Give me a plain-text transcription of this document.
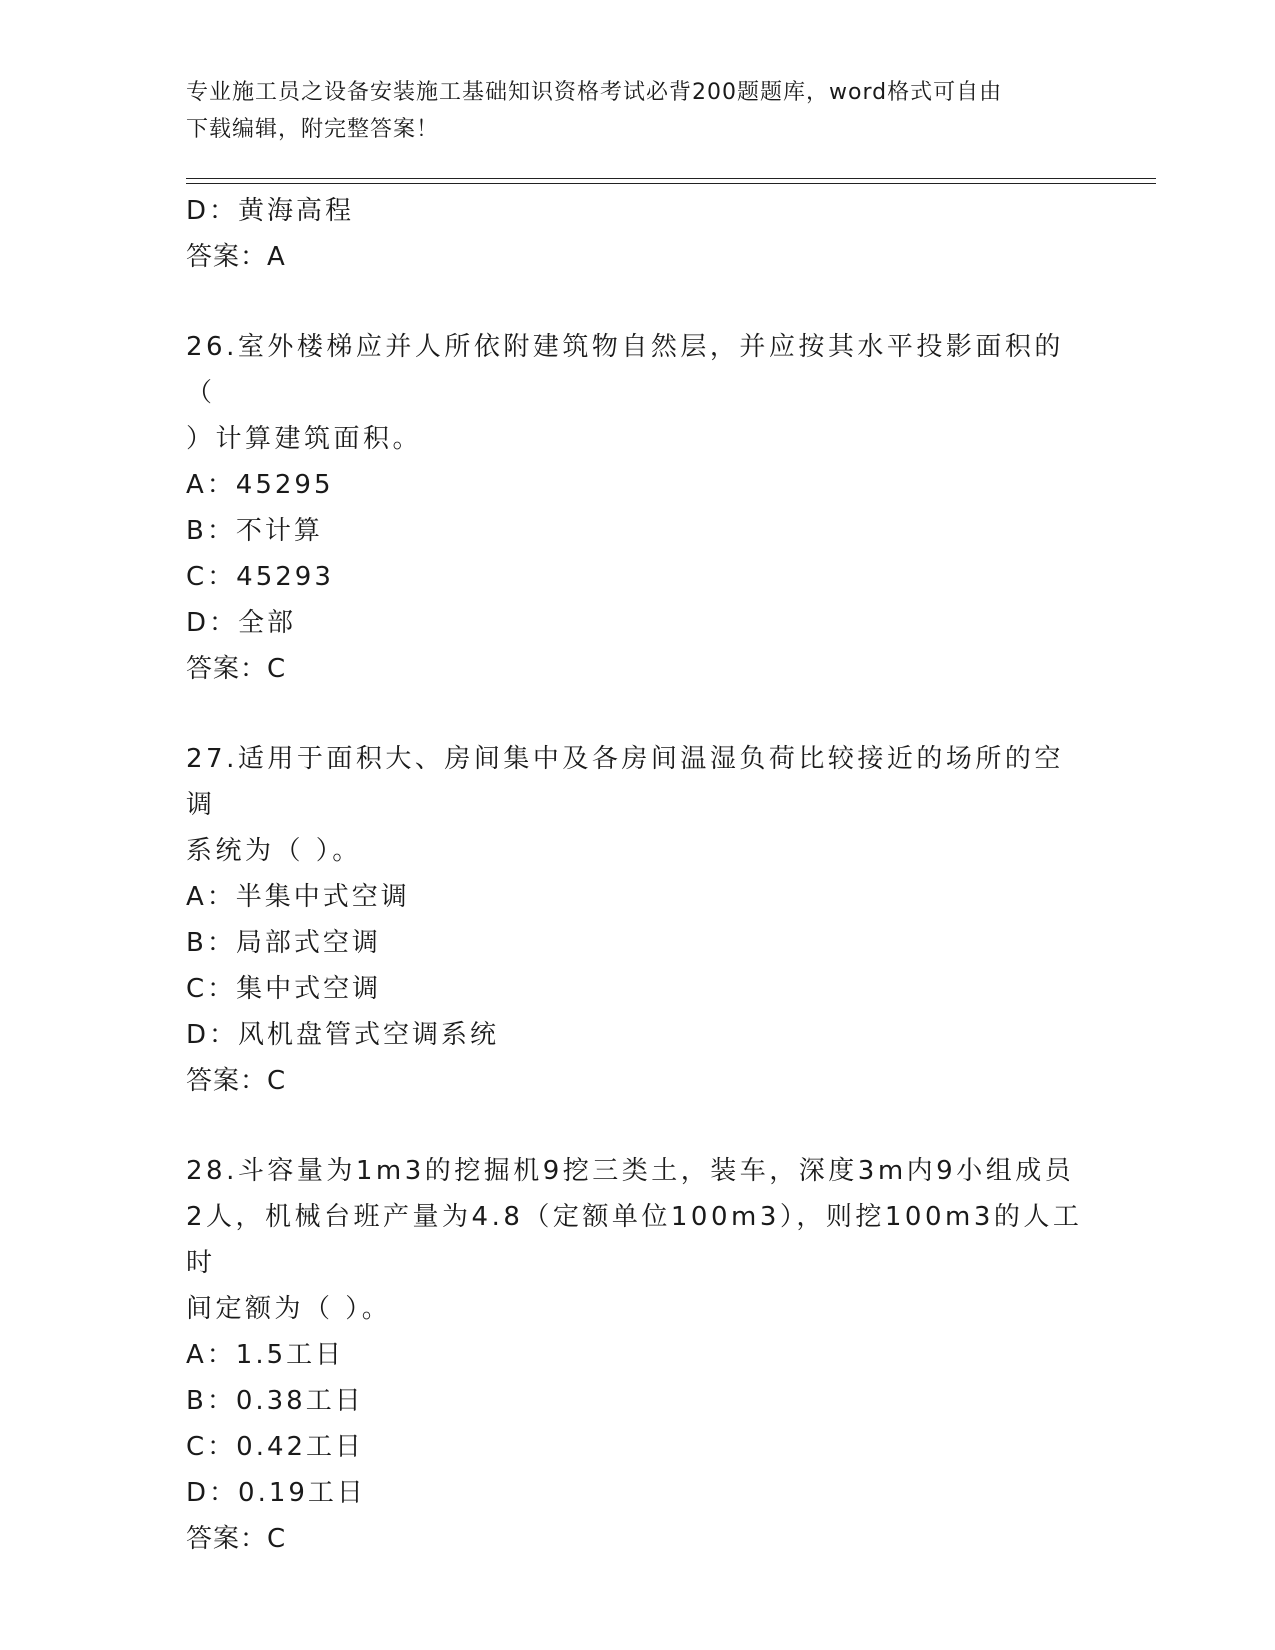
专业施工员之设备安装施工基础知识资格考试必背200题题库，word格式可自由
下载编辑，附完整答案！
D：黄海高程
答案：A
26.室外楼梯应并人所依附建筑物自然层，并应按其水平投影面积的（
）计算建筑面积。
A：45295
B：不计算
C：45293
D：全部
答案：C
27.适用于面积大、房间集中及各房间温湿负荷比较接近的场所的空调
系统为（ ）。
A：半集中式空调
B：局部式空调
C：集中式空调
D：风机盘管式空调系统
答案：C
28.斗容量为1m3的挖掘机9挖三类土，装车，深度3m内9小组成员
2人，机械台班产量为4.8（定额单位100m3），则挖100m3的人工时
间定额为（ ）。
A：1.5工日
B：0.38工日
C：0.42工日
D：0.19工日
答案：C
